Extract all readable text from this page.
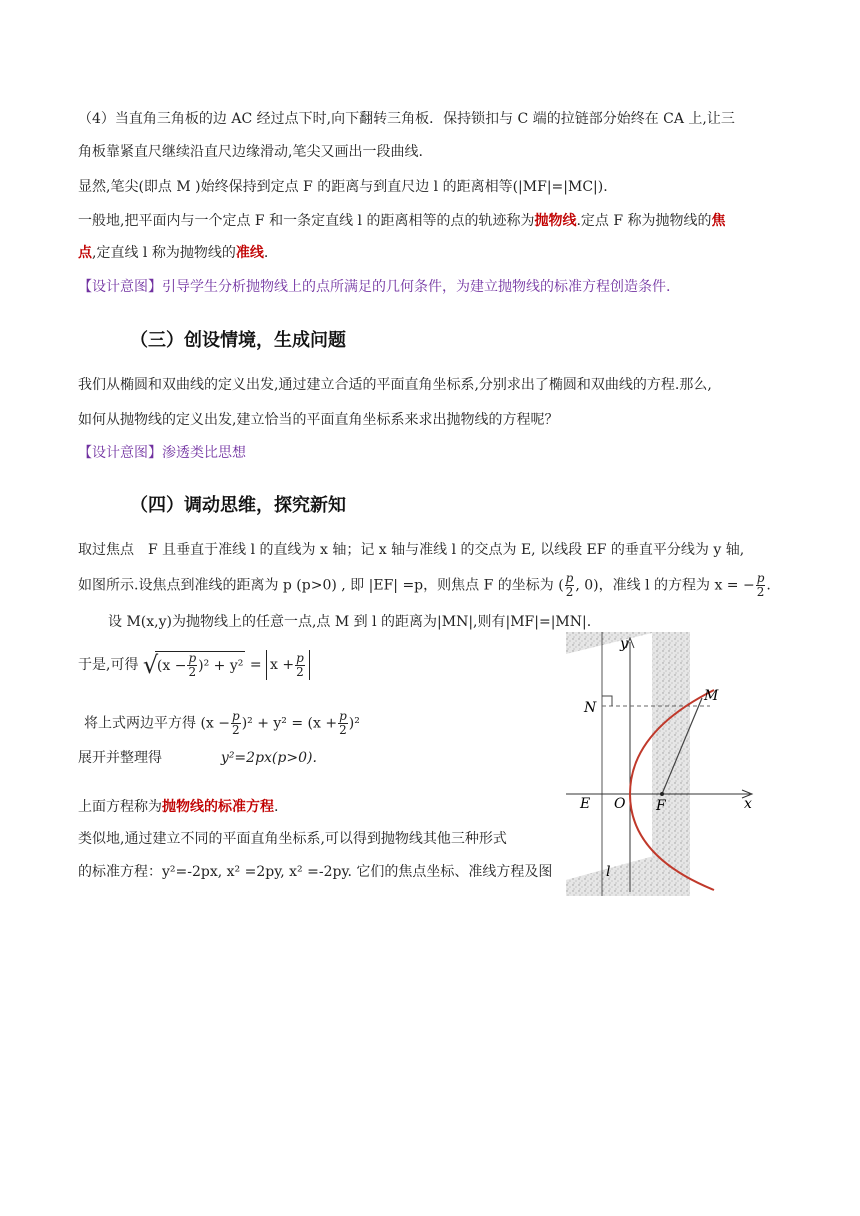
（4）当直角三角板的边 AC 经过点下时,向下翻转三角板．保持锁扣与 C 端的拉链部分始终在 CA 上,让三
角板靠紧直尺继续沿直尺边缘滑动,笔尖又画出一段曲线.
显然,笔尖(即点 M )始终保持到定点 F 的距离与到直尺边 l 的距离相等(|MF|=|MC|).
一般地,把平面内与一个定点 F 和一条定直线 l 的距离相等的点的轨迹称为抛物线.定点 F 称为抛物线的焦
点,定直线 l 称为抛物线的准线.
【设计意图】引导学生分析抛物线上的点所满足的几何条件，为建立抛物线的标准方程创造条件.
（三）创设情境，生成问题
我们从椭圆和双曲线的定义出发,通过建立合适的平面直角坐标系,分别求出了椭圆和双曲线的方程.那么,
如何从抛物线的定义出发,建立恰当的平面直角坐标系来求出抛物线的方程呢？
【设计意图】渗透类比思想
（四）调动思维，探究新知
取过焦点　F 且垂直于准线 l 的直线为 x 轴；记 x 轴与准线 l 的交点为 E, 以线段 EF 的垂直平分线为 y 轴,
如图所示.设焦点到准线的距离为 p (p>0) , 即 |EF| =p，则焦点 F 的坐标为 ( $\frac{p}{2}$ , 0)，准线 l 的方程为 x = − $\frac{p}{2}$ .
设 M(x,y)为抛物线上的任意一点,点 M 到 l 的距离为|MN|,则有|MF|=|MN|.
于是,可得 √
$(x - \frac{p}{2} )^2 + y^2 = x + \frac{p}{2}$
将上式两边平方得 $(x - \frac{p}{2} )^2 + y^2 = (x + \frac{p}{2} )^2$
展开并整理得	y²=2px(p>0).
上面方程称为抛物线的标准方程.
类似地,通过建立不同的平面直角坐标系,可以得到抛物线其他三种形式
的标准方程：y²=-2px, x² =2py, x² =-2py. 它们的焦点坐标、准线方程及图
y
x
N
M
E O F
l
